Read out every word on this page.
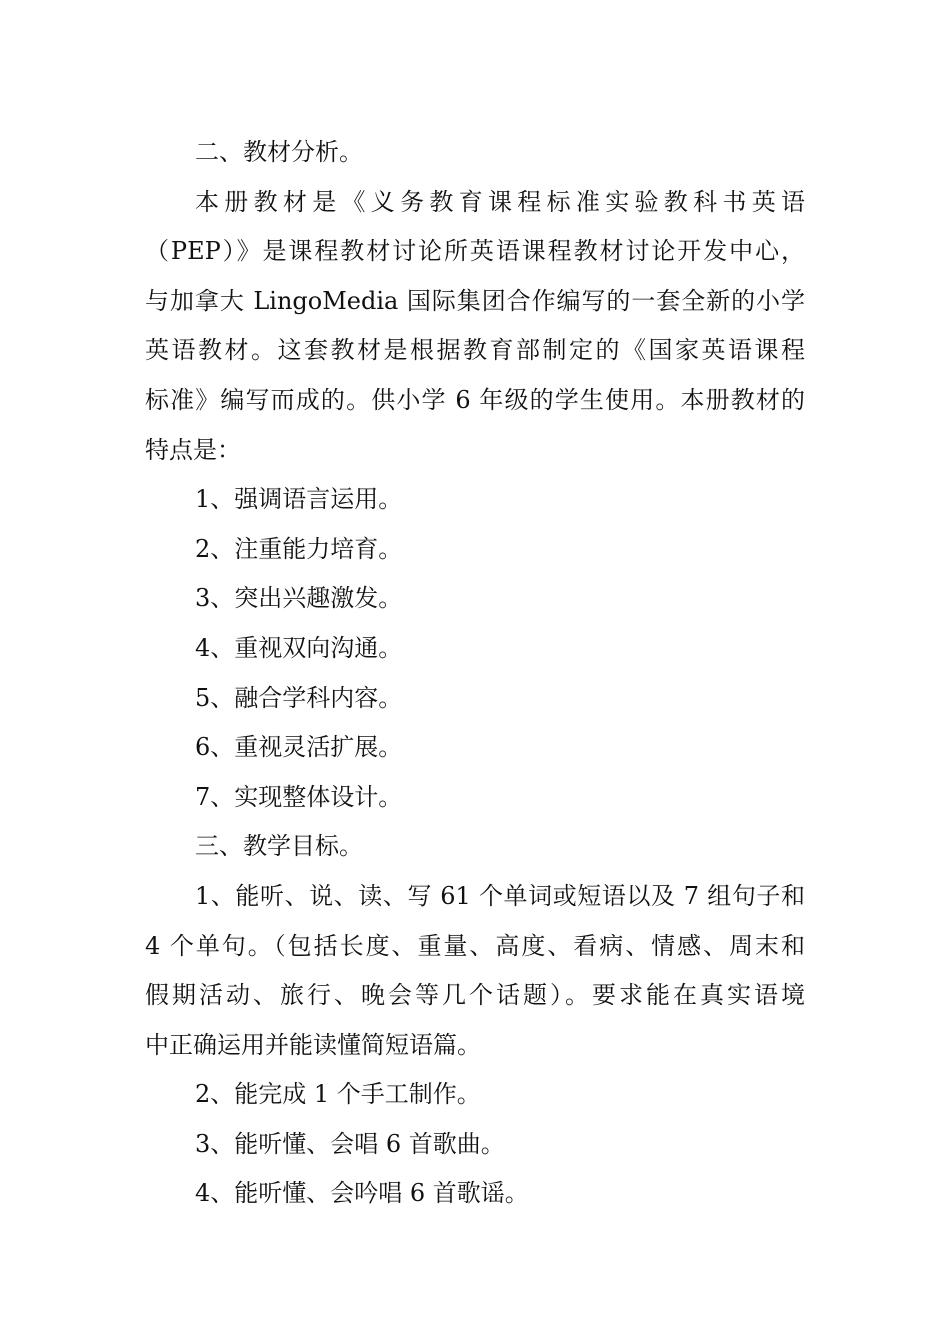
二、教材分析。
本册教材是《义务教育课程标准实验教科书英语
（PEP）》是课程教材讨论所英语课程教材讨论开发中心，
与加拿大 LingoMedia 国际集团合作编写的一套全新的小学
英语教材。这套教材是根据教育部制定的《国家英语课程
标准》编写而成的。供小学 6 年级的学生使用。本册教材的
特点是：
1、强调语言运用。
2、注重能力培育。
3、突出兴趣激发。
4、重视双向沟通。
5、融合学科内容。
6、重视灵活扩展。
7、实现整体设计。
三、教学目标。
1、能听、说、读、写 61 个单词或短语以及 7 组句子和
4 个单句。（包括长度、重量、高度、看病、情感、周末和
假期活动、旅行、晚会等几个话题）。要求能在真实语境
中正确运用并能读懂简短语篇。
2、能完成 1 个手工制作。
3、能听懂、会唱 6 首歌曲。
4、能听懂、会吟唱 6 首歌谣。
